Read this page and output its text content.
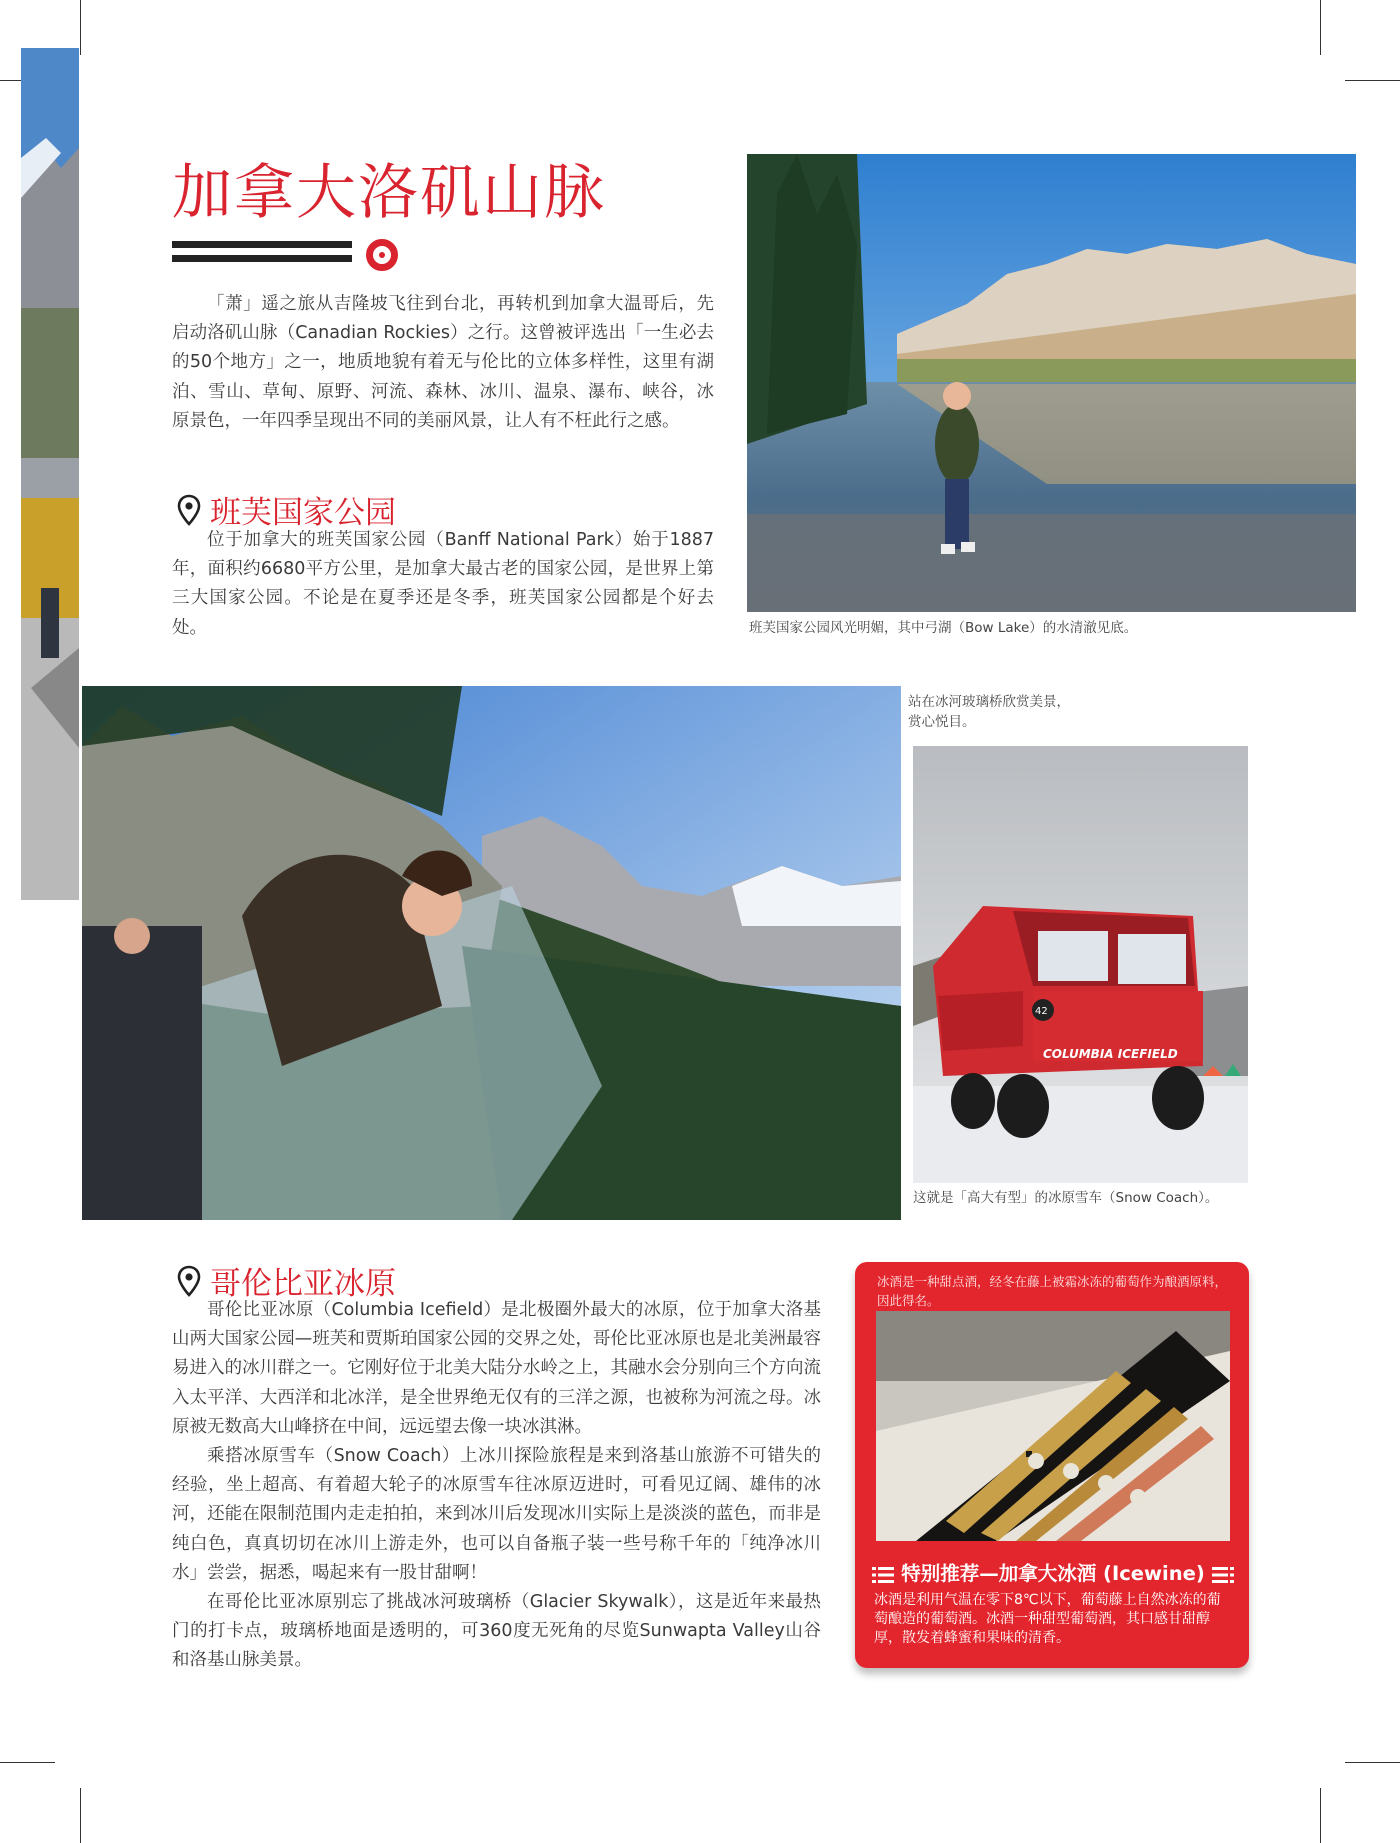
加拿大洛矶山脉

「萧」遥之旅从吉隆坡飞往到台北，再转机到加拿大温哥后，先启动洛矶山脉（Canadian Rockies）之行。这曾被评选出「一生必去的50个地方」之一，地质地貌有着无与伦比的立体多样性，这里有湖泊、雪山、草甸、原野、河流、森林、冰川、温泉、瀑布、峡谷，冰原景色，一年四季呈现出不同的美丽风景，让人有不枉此行之感。

班芙国家公园

位于加拿大的班芙国家公园（Banff National Park）始于1887年，面积约6680平方公里，是加拿大最古老的国家公园，是世界上第三大国家公园。不论是在夏季还是冬季，班芙国家公园都是个好去处。	班芙国家公园风光明媚，其中弓湖（Bow Lake）的水清澈见底。
站在冰河玻璃桥欣赏美景，赏心悦目。
COLUMBIA ICEFIELD
42
这就是「高大有型」的冰原雪车（Snow Coach）。
哥伦比亚冰原

哥伦比亚冰原（Columbia Icefield）是北极圈外最大的冰原，位于加拿大洛基山两大国家公园—班芙和贾斯珀国家公园的交界之处，哥伦比亚冰原也是北美洲最容易进入的冰川群之一。它刚好位于北美大陆分水岭之上，其融水会分别向三个方向流入太平洋、大西洋和北冰洋，是全世界绝无仅有的三洋之源，也被称为河流之母。冰原被无数高大山峰挤在中间，远远望去像一块冰淇淋。

乘搭冰原雪车（Snow Coach）上冰川探险旅程是来到洛基山旅游不可错失的经验，坐上超高、有着超大轮子的冰原雪车往冰原迈进时，可看见辽阔、雄伟的冰河，还能在限制范围内走走拍拍，来到冰川后发现冰川实际上是淡淡的蓝色，而非是纯白色，真真切切在冰川上游走外，也可以自备瓶子装一些号称千年的「纯净冰川水」尝尝，据悉，喝起来有一股甘甜啊！

在哥伦比亚冰原别忘了挑战冰河玻璃桥（Glacier Skywalk），这是近年来最热门的打卡点，玻璃桥地面是透明的，可360度无死角的尽览Sunwapta Valley山谷和洛基山脉美景。

冰酒是一种甜点酒，经冬在藤上被霜冰冻的葡萄作为酿酒原料，因此得名。
特别推荐—加拿大冰酒 (Icewine)
冰酒是利用气温在零下8℃以下，葡萄藤上自然冰冻的葡萄酿造的葡萄酒。冰酒一种甜型葡萄酒，其口感甘甜醇厚，散发着蜂蜜和果味的清香。
